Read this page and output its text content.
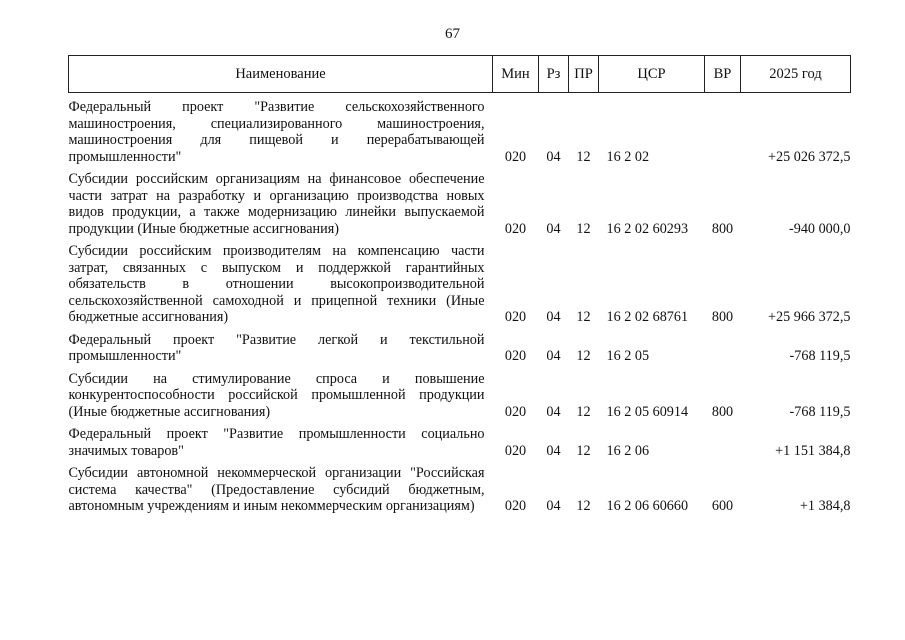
67
Наименование	Мин	Рз	ПР	ЦСР	ВР	2025 год
Федеральный проект "Развитие сельскохозяйственного машиностроения, специализированного машиностроения, машиностроения для пищевой и перерабатывающей промышленности"	020	04	12	16 2 02		+25 026 372,5
Субсидии российским организациям на финансовое обеспечение части затрат на разработку и организацию производства новых видов продукции, а также модернизацию линейки выпускаемой продукции (Иные бюджетные ассигнования)	020	04	12	16 2 02 60293	800	-940 000,0
Субсидии российским производителям на компенсацию части затрат, связанных с выпуском и поддержкой гарантийных обязательств в отношении высокопроизводительной сельскохозяйственной самоходной и прицепной техники (Иные бюджетные ассигнования)	020	04	12	16 2 02 68761	800	+25 966 372,5
Федеральный проект "Развитие легкой и текстильной промышленности"	020	04	12	16 2 05		-768 119,5
Субсидии на стимулирование спроса и повышение конкурентоспособности российской промышленной продукции (Иные бюджетные ассигнования)	020	04	12	16 2 05 60914	800	-768 119,5
Федеральный проект "Развитие промышленности социально значимых товаров"	020	04	12	16 2 06		+1 151 384,8
Субсидии автономной некоммерческой организации "Российская система качества" (Предоставление субсидий бюджетным, автономным учреждениям и иным некоммерческим организациям)	020	04	12	16 2 06 60660	600	+1 384,8
